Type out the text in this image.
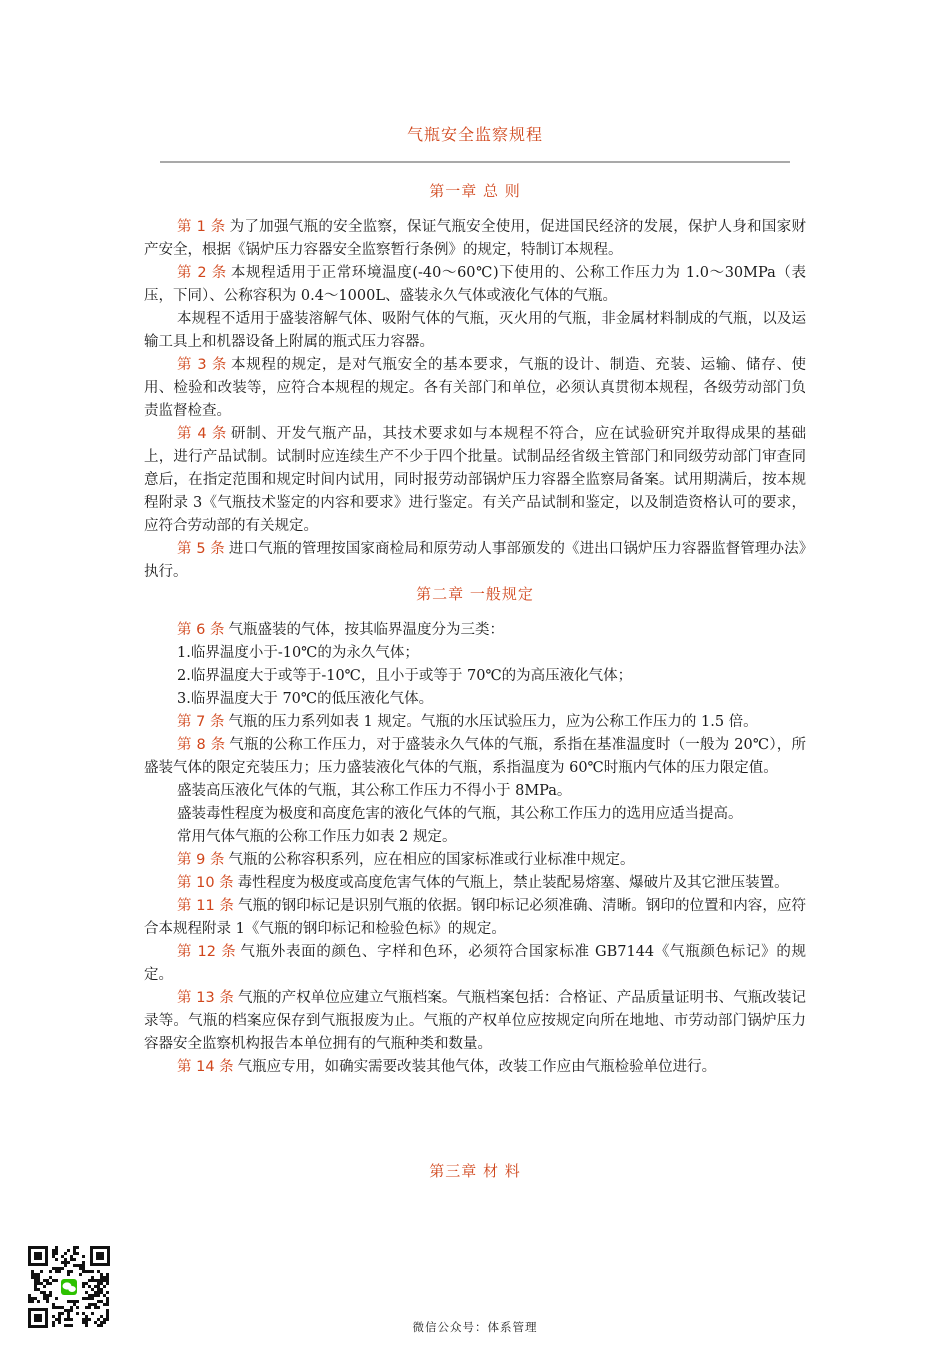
气瓶安全监察规程
第一章 总 则

第 1 条 为了加强气瓶的安全监察，保证气瓶安全使用，促进国民经济的发展，保护人身和国家财产安全，根据《锅炉压力容器安全监察暂行条例》的规定，特制订本规程。

第 2 条 本规程适用于正常环境温度(-40～60℃)下使用的、公称工作压力为 1.0～30MPa（表压，下同）、公称容积为 0.4～1000L、盛装永久气体或液化气体的气瓶。

本规程不适用于盛装溶解气体、吸附气体的气瓶，灭火用的气瓶，非金属材料制成的气瓶，以及运输工具上和机器设备上附属的瓶式压力容器。

第 3 条 本规程的规定，是对气瓶安全的基本要求，气瓶的设计、制造、充装、运输、储存、使用、检验和改装等，应符合本规程的规定。各有关部门和单位，必须认真贯彻本规程，各级劳动部门负责监督检查。

第 4 条 研制、开发气瓶产品，其技术要求如与本规程不符合，应在试验研究并取得成果的基础上，进行产品试制。试制时应连续生产不少于四个批量。试制品经省级主管部门和同级劳动部门审查同意后，在指定范围和规定时间内试用，同时报劳动部锅炉压力容器全监察局备案。试用期满后，按本规程附录 3《气瓶技术鉴定的内容和要求》进行鉴定。有关产品试制和鉴定，以及制造资格认可的要求，应符合劳动部的有关规定。

第 5 条 进口气瓶的管理按国家商检局和原劳动人事部颁发的《进出口锅炉压力容器监督管理办法》执行。

第二章 一般规定

第 6 条 气瓶盛装的气体，按其临界温度分为三类：

1.临界温度小于-10℃的为永久气体；

2.临界温度大于或等于-10℃，且小于或等于 70℃的为高压液化气体；

3.临界温度大于 70℃的低压液化气体。

第 7 条 气瓶的压力系列如表 1 规定。气瓶的水压试验压力，应为公称工作压力的 1.5 倍。

第 8 条 气瓶的公称工作压力，对于盛装永久气体的气瓶，系指在基准温度时（一般为 20℃），所盛装气体的限定充装压力；压力盛装液化气体的气瓶，系指温度为 60℃时瓶内气体的压力限定值。

盛装高压液化气体的气瓶，其公称工作压力不得小于 8MPa。

盛装毒性程度为极度和高度危害的液化气体的气瓶，其公称工作压力的选用应适当提高。

常用气体气瓶的公称工作压力如表 2 规定。

第 9 条 气瓶的公称容积系列，应在相应的国家标准或行业标准中规定。

第 10 条 毒性程度为极度或高度危害气体的气瓶上，禁止装配易熔塞、爆破片及其它泄压装置。

第 11 条 气瓶的钢印标记是识别气瓶的依据。钢印标记必须准确、清晰。钢印的位置和内容，应符合本规程附录 1《气瓶的钢印标记和检验色标》的规定。

第 12 条 气瓶外表面的颜色、字样和色环，必须符合国家标准 GB7144《气瓶颜色标记》的规定。

第 13 条 气瓶的产权单位应建立气瓶档案。气瓶档案包括：合格证、产品质量证明书、气瓶改装记录等。气瓶的档案应保存到气瓶报废为止。气瓶的产权单位应按规定向所在地地、市劳动部门锅炉压力容器安全监察机构报告本单位拥有的气瓶种类和数量。

第 14 条 气瓶应专用，如确实需要改装其他气体，改装工作应由气瓶检验单位进行。

第三章 材 料
微信公众号：体系管理
